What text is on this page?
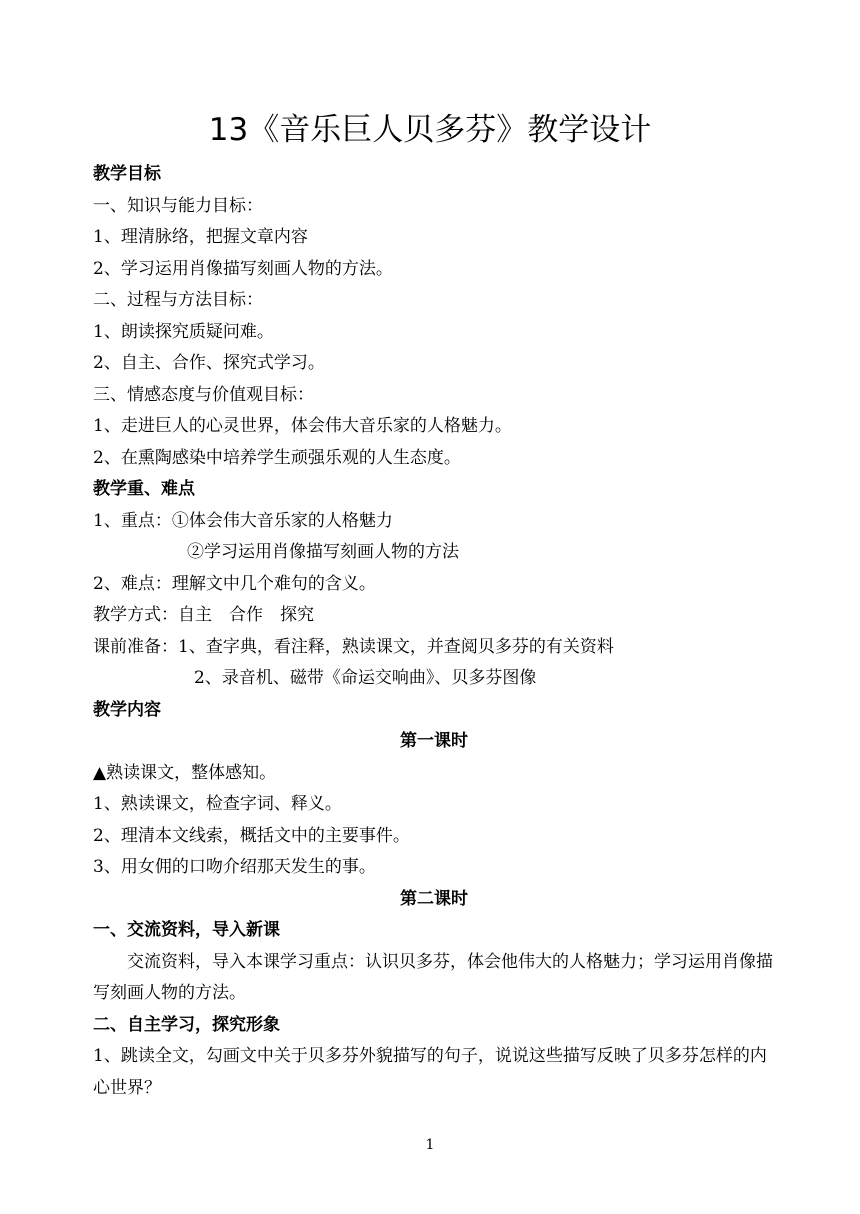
13《音乐巨人贝多芬》教学设计
教学目标
一、知识与能力目标：
1、理清脉络，把握文章内容
2、学习运用肖像描写刻画人物的方法。
二、过程与方法目标：
1、朗读探究质疑问难。
2、自主、合作、探究式学习。
三、情感态度与价值观目标：
1、走进巨人的心灵世界，体会伟大音乐家的人格魅力。
2、在熏陶感染中培养学生顽强乐观的人生态度。
教学重、难点
1、重点：①体会伟大音乐家的人格魅力
②学习运用肖像描写刻画人物的方法
2、难点：理解文中几个难句的含义。
教学方式：自主　合作　探究
课前准备：1、查字典，看注释，熟读课文，并查阅贝多芬的有关资料
2、录音机、磁带《命运交响曲》、贝多芬图像
教学内容
第一课时
▲熟读课文，整体感知。
1、熟读课文，检查字词、释义。
2、理清本文线索，概括文中的主要事件。
3、用女佣的口吻介绍那天发生的事。
第二课时
一、交流资料，导入新课
交流资料，导入本课学习重点：认识贝多芬，体会他伟大的人格魅力；学习运用肖像描写刻画人物的方法。
二、自主学习，探究形象
1、跳读全文，勾画文中关于贝多芬外貌描写的句子，说说这些描写反映了贝多芬怎样的内心世界？
1
